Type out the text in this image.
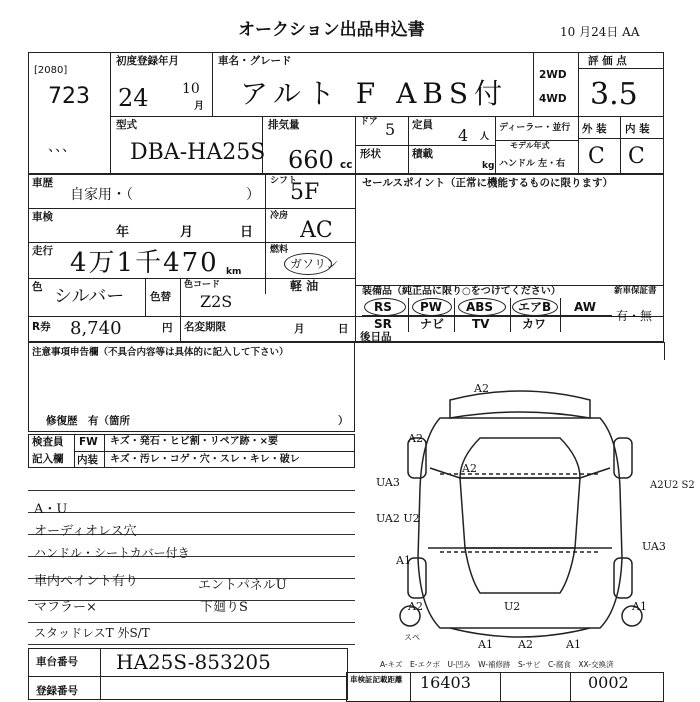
オークション出品申込書	10 月24日 AA
[2080]
723
、、、
初度登録年月
24 10
月
車名・グレード
アルト F ABS付
2WD
4WD
評 価 点
3.5
外 装 内 装
C C
型式
DBA-HA25S
排気量
660 cc
ドア 5 定員
4 人
ディーラー・並行
モデル年式
形状	積載
kg ハンドル 左・右
車歴
自家用・（	）
シフト
5F	セールスポイント（正常に機能するものに限ります）
車検
年	月	日
冷房
AC
走行 4万1千470 km
燃料
ガソリン
軽 油
色 シルバー 色替
色コード
Z2S
装備品（純正品に限り○をつけてください）	新車保証書
有・無
RS PW ABS エアB AW
SR ナビ TV	カワ
R券 8,740	円 名変期限	月	日
後日品
注意事項申告欄（不具合内容等は具体的に記入して下さい）
修復歴　有（箇所	）
検査員
記入欄
FW キズ・発石・ヒビ割・リペア跡・×要
内装 キズ・汚レ・コゲ・穴・スレ・キレ・破レ
A・U
オーディオレス穴
ハンドル・シートカバー付き
車内ペイント有り
マフラー×
スタッドレスT 外S/T
エントパネルU
下廻りS
A2
A2
A2
UA3
UA2 U2
A1
UA3
A2U2 S2
A2	U2	A1
A1 A2	A1
スペ
A-キズ　E-エクボ　U-凹み　W-補修跡　S-サビ　C-腐食　XX-交換済
車台番号 HA25S-853205
登録番号
車検証記載距離 16403	0002
